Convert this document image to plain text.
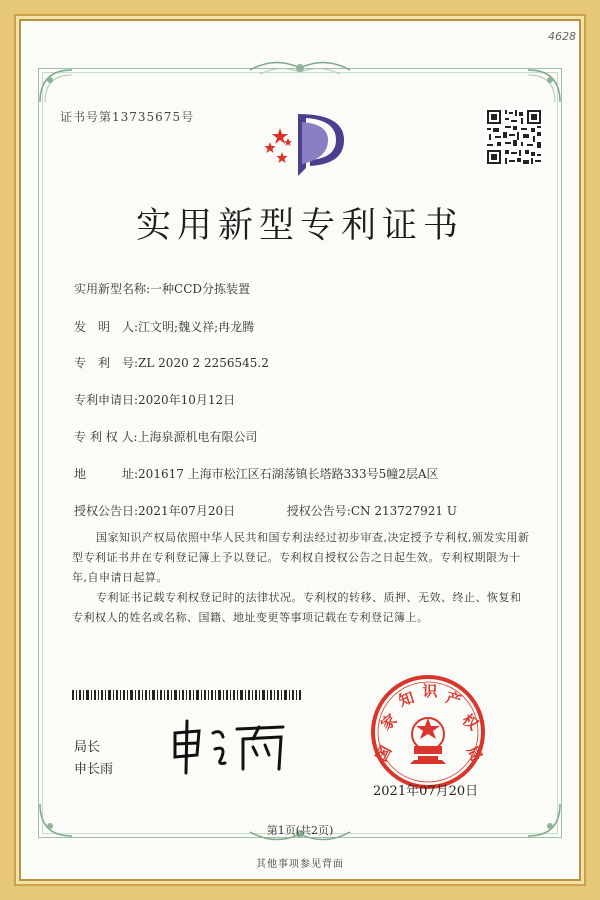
4628
证书号第13735675号
实用新型专利证书
实用新型名称:一种CCD分拣装置
发　明　人:江文明;魏义祥;冉龙腾
专　利　号:ZL 2020 2 2256545.2
专利申请日:2020年10月12日
专 利 权 人:上海泉源机电有限公司
地　　　址:201617 上海市松江区石湖荡镇长塔路333号5幢2层A区
授权公告日:2021年07月20日	授权公告号:CN 213727921 U
国家知识产权局依照中华人民共和国专利法经过初步审查,决定授予专利权,颁发实用新型专利证书并在专利登记簿上予以登记。专利权自授权公告之日起生效。专利权期限为十年,自申请日起算。
专利证书记载专利权登记时的法律状况。专利权的转移、质押、无效、终止、恢复和专利权人的姓名或名称、国籍、地址变更等事项记载在专利登记簿上。
局长
申长雨
国
家
知 识 产
权
局
2021年07月20日
第1页(共2页)
其他事项参见背面
